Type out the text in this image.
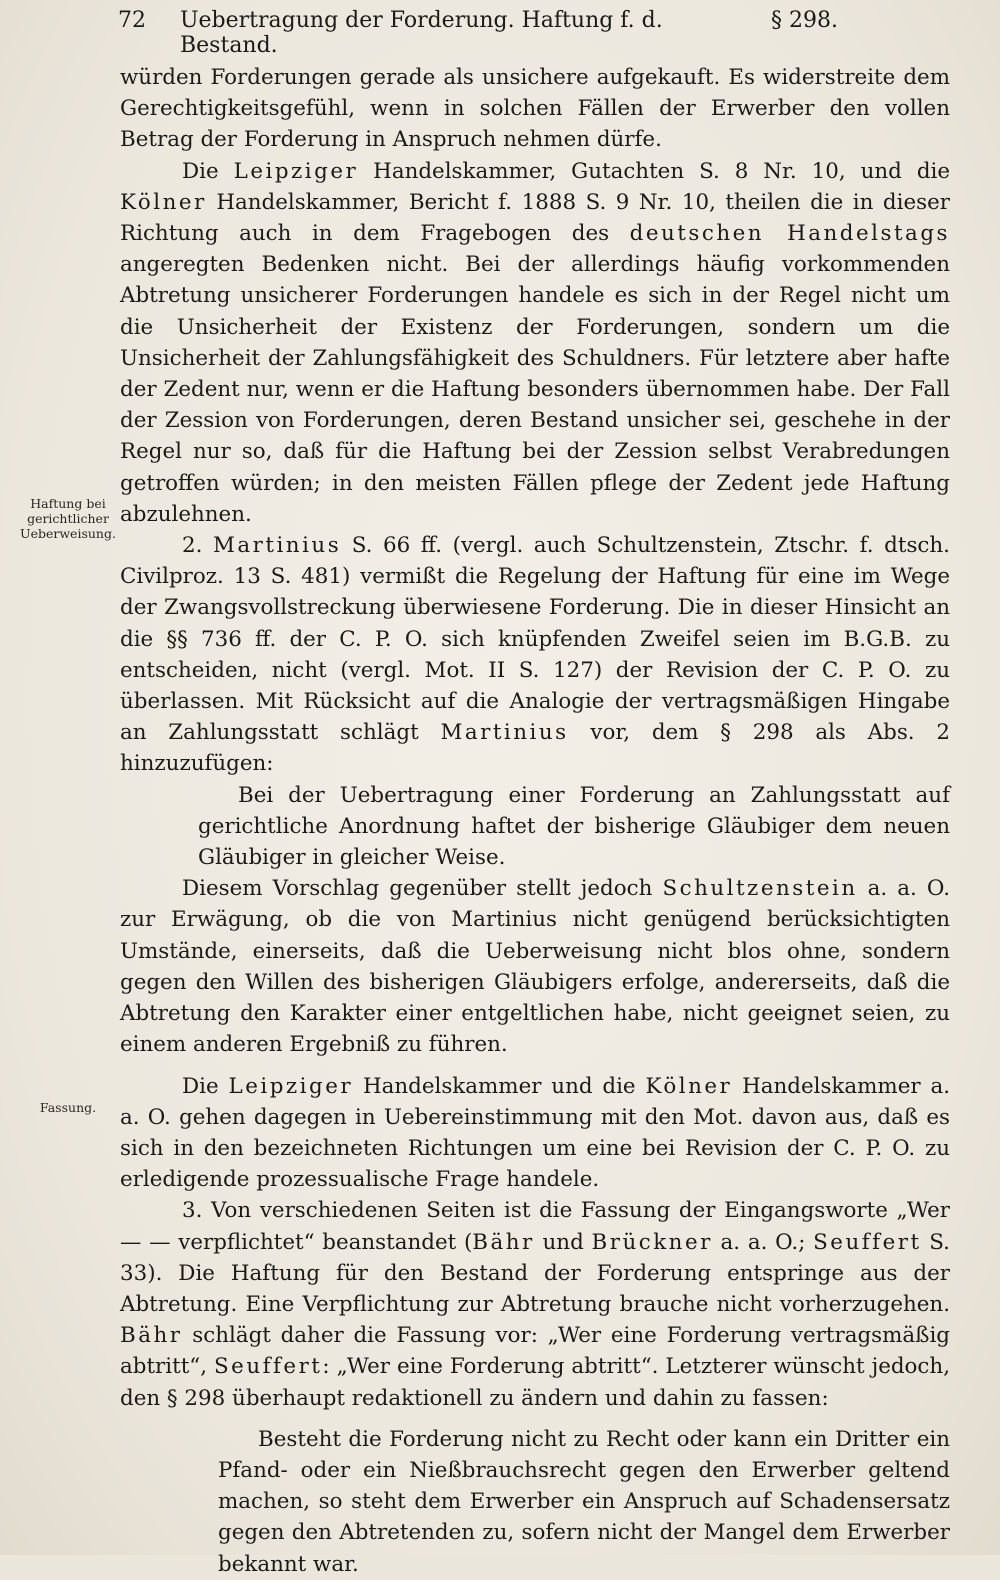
72	Uebertragung der Forderung. Haftung f. d. Bestand.
§ 298.
Haftung bei
gerichtlicher
Ueberweisung.
Fassung.

würden Forderungen gerade als unsichere aufgekauft. Es widerstreite dem Gerechtigkeitsgefühl, wenn in solchen Fällen der Erwerber den vollen Betrag der Forderung in Anspruch nehmen dürfe.

Die Leipziger Handelskammer, Gutachten S. 8 Nr. 10, und die Kölner Handelskammer, Bericht f. 1888 S. 9 Nr. 10, theilen die in dieser Richtung auch in dem Fragebogen des deutschen Handelstags angeregten Bedenken nicht. Bei der allerdings häufig vorkommenden Abtretung unsicherer Forderungen handele es sich in der Regel nicht um die Unsicherheit der Existenz der Forderungen, sondern um die Unsicherheit der Zahlungsfähigkeit des Schuldners. Für letztere aber hafte der Zedent nur, wenn er die Haftung besonders übernommen habe. Der Fall der Zession von Forderungen, deren Bestand unsicher sei, geschehe in der Regel nur so, daß für die Haftung bei der Zession selbst Verabredungen getroffen würden; in den meisten Fällen pflege der Zedent jede Haftung abzulehnen.

2. Martinius S. 66 ff. (vergl. auch Schultzenstein, Ztschr. f. dtsch. Civilproz. 13 S. 481) vermißt die Regelung der Haftung für eine im Wege der Zwangsvollstreckung überwiesene Forderung. Die in dieser Hinsicht an die §§ 736 ff. der C. P. O. sich knüpfenden Zweifel seien im B.G.B. zu entscheiden, nicht (vergl. Mot. II S. 127) der Revision der C. P. O. zu überlassen. Mit Rücksicht auf die Analogie der vertragsmäßigen Hingabe an Zahlungsstatt schlägt Martinius vor, dem § 298 als Abs. 2 hinzuzufügen:

Bei der Uebertragung einer Forderung an Zahlungsstatt auf gerichtliche Anordnung haftet der bisherige Gläubiger dem neuen Gläubiger in gleicher Weise.

Diesem Vorschlag gegenüber stellt jedoch Schultzenstein a. a. O. zur Erwägung, ob die von Martinius nicht genügend berücksichtigten Umstände, einerseits, daß die Ueberweisung nicht blos ohne, sondern gegen den Willen des bisherigen Gläubigers erfolge, andererseits, daß die Abtretung den Karakter einer entgeltlichen habe, nicht geeignet seien, zu einem anderen Ergebniß zu führen.

Die Leipziger Handelskammer und die Kölner Handelskammer a. a. O. gehen dagegen in Uebereinstimmung mit den Mot. davon aus, daß es sich in den bezeichneten Richtungen um eine bei Revision der C. P. O. zu erledigende prozessualische Frage handele.

3. Von verschiedenen Seiten ist die Fassung der Eingangsworte „Wer — — verpflichtet“ beanstandet (Bähr und Brückner a. a. O.; Seuffert S. 33). Die Haftung für den Bestand der Forderung entspringe aus der Abtretung. Eine Verpflichtung zur Abtretung brauche nicht vorherzugehen. Bähr schlägt daher die Fassung vor: „Wer eine Forderung vertragsmäßig abtritt“, Seuffert: „Wer eine Forderung abtritt“. Letzterer wünscht jedoch, den § 298 überhaupt redaktionell zu ändern und dahin zu fassen:

Besteht die Forderung nicht zu Recht oder kann ein Dritter ein Pfand- oder ein Nießbrauchsrecht gegen den Erwerber geltend machen, so steht dem Erwerber ein Anspruch auf Schadensersatz gegen den Abtretenden zu, sofern nicht der Mangel dem Erwerber bekannt war.
